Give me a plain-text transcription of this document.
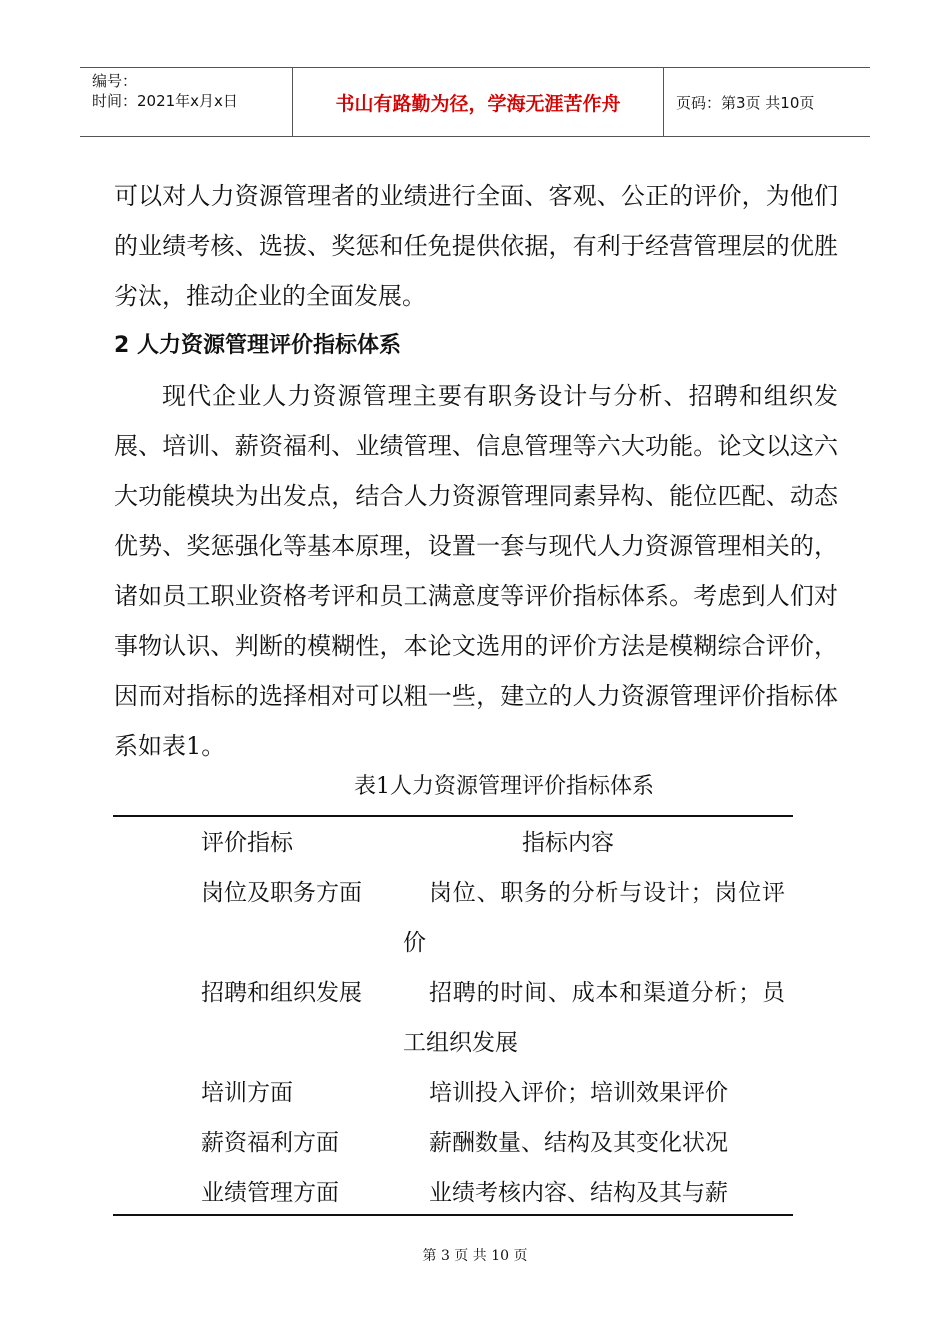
编号：
时间：2021年x月x日	书山有路勤为径，学海无涯苦作舟	页码：第3页 共10页

可以对人力资源管理者的业绩进行全面、客观、公正的评价，为他们的业绩考核、选拔、奖惩和任免提供依据，有利于经营管理层的优胜劣汰，推动企业的全面发展。

2 人力资源管理评价指标体系

现代企业人力资源管理主要有职务设计与分析、招聘和组织发展、培训、薪资福利、业绩管理、信息管理等六大功能。论文以这六大功能模块为出发点，结合人力资源管理同素异构、能位匹配、动态优势、奖惩强化等基本原理，设置一套与现代人力资源管理相关的，诸如员工职业资格考评和员工满意度等评价指标体系。考虑到人们对事物认识、判断的模糊性，本论文选用的评价方法是模糊综合评价，因而对指标的选择相对可以粗一些，建立的人力资源管理评价指标体系如表1。

表1人力资源管理评价指标体系
评价指标	指标内容
岗位及职务方面	岗位、职务的分析与设计；岗位评价
招聘和组织发展	招聘的时间、成本和渠道分析；员工组织发展
培训方面	培训投入评价；培训效果评价
薪资福利方面	薪酬数量、结构及其变化状况
业绩管理方面	业绩考核内容、结构及其与薪
第 3 页 共 10 页
